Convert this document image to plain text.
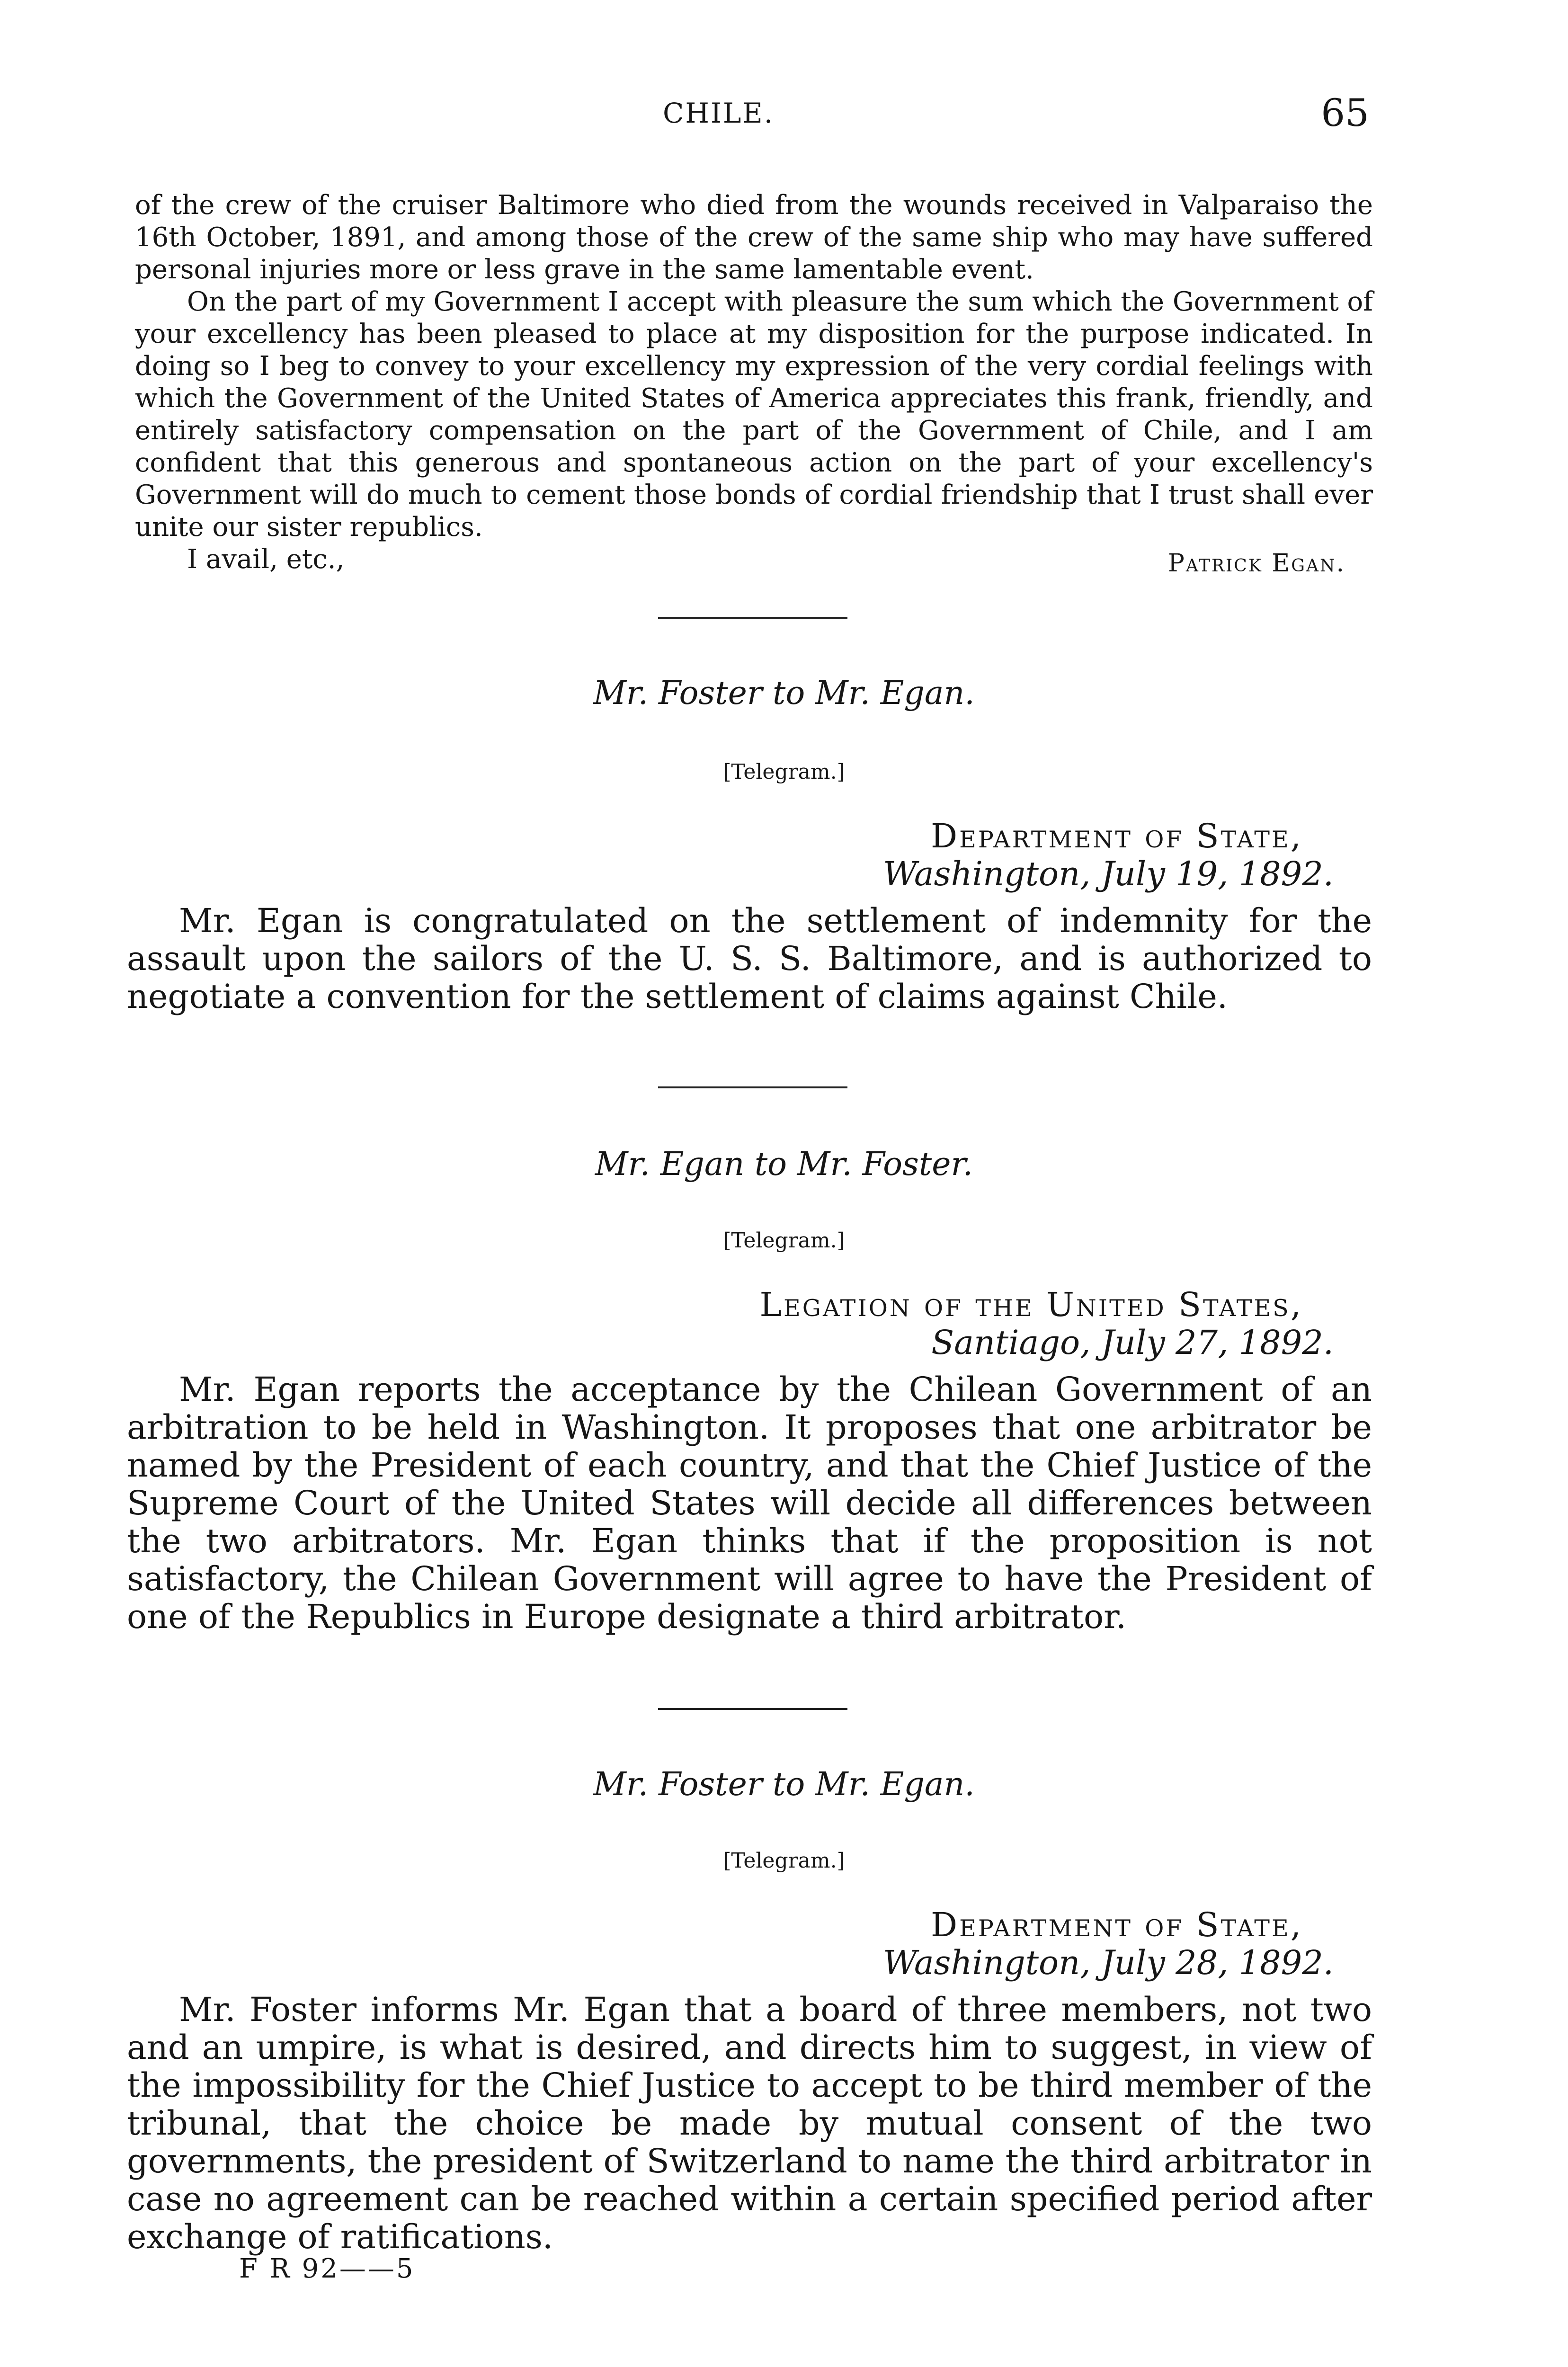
CHILE.	65

of the crew of the cruiser Baltimore who died from the wounds received in Valparaiso the 16th October, 1891, and among those of the crew of the same ship who may have suffered personal injuries more or less grave in the same lamentable event.

On the part of my Government I accept with pleasure the sum which the Government of your excellency has been pleased to place at my disposition for the purpose indicated. In doing so I beg to convey to your excellency my expression of the very cordial feelings with which the Government of the United States of America appreciates this frank, friendly, and entirely satisfactory compensation on the part of the Government of Chile, and I am confident that this generous and spontaneous action on the part of your excellency's Government will do much to cement those bonds of cordial friendship that I trust shall ever unite our sister republics.

I avail, etc.,	Patrick Egan.
Mr. Foster to Mr. Egan.
[Telegram.]
Department of State,
Washington, July 19, 1892.

Mr. Egan is congratulated on the settlement of indemnity for the assault upon the sailors of the U. S. S. Baltimore, and is authorized to negotiate a convention for the settlement of claims against Chile.

Mr. Egan to Mr. Foster.
[Telegram.]
Legation of the United States,
Santiago, July 27, 1892.

Mr. Egan reports the acceptance by the Chilean Government of an arbitration to be held in Washington. It proposes that one arbitrator be named by the President of each country, and that the Chief Justice of the Supreme Court of the United States will decide all differences between the two arbitrators. Mr. Egan thinks that if the proposition is not satisfactory, the Chilean Government will agree to have the President of one of the Republics in Europe designate a third arbitrator.

Mr. Foster to Mr. Egan.
[Telegram.]
Department of State,
Washington, July 28, 1892.

Mr. Foster informs Mr. Egan that a board of three members, not two and an umpire, is what is desired, and directs him to suggest, in view of the impossibility for the Chief Justice to accept to be third member of the tribunal, that the choice be made by mutual consent of the two governments, the president of Switzerland to name the third arbitrator in case no agreement can be reached within a certain specified period after exchange of ratifications.

F R 92——5
